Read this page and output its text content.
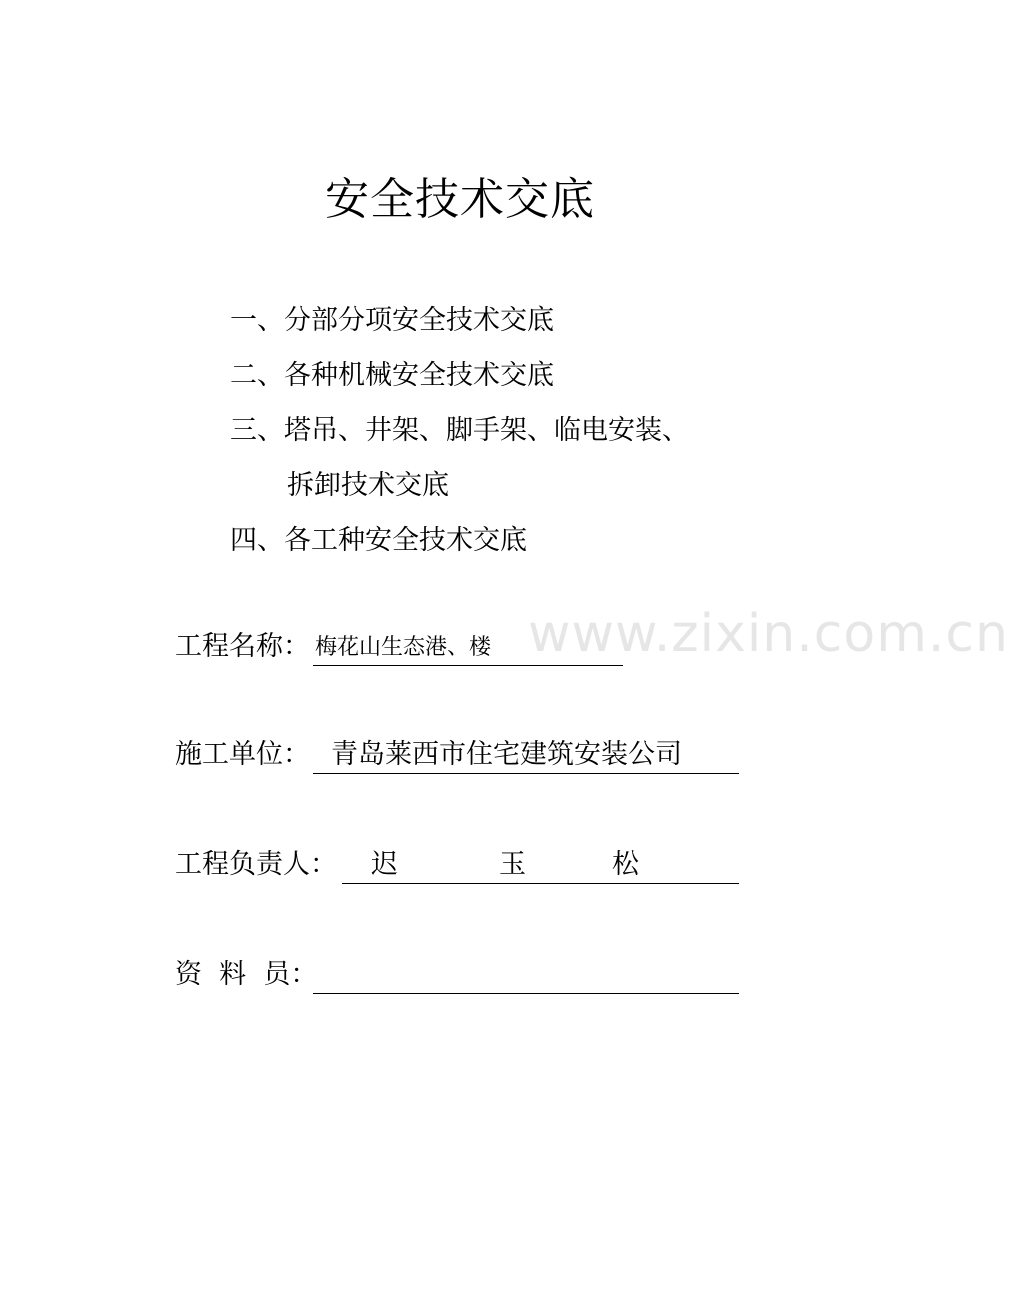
安全技术交底
一、分部分项安全技术交底
二、各种机械安全技术交底
三、塔吊、井架、脚手架、临电安装、
拆卸技术交底
四、各工种安全技术交底
www.zixin.com.cn
工程名称： 梅花山生态港、楼
施工单位： 青岛莱西市住宅建筑安装公司
工程负责人： 迟	玉	松
资  料  员：
